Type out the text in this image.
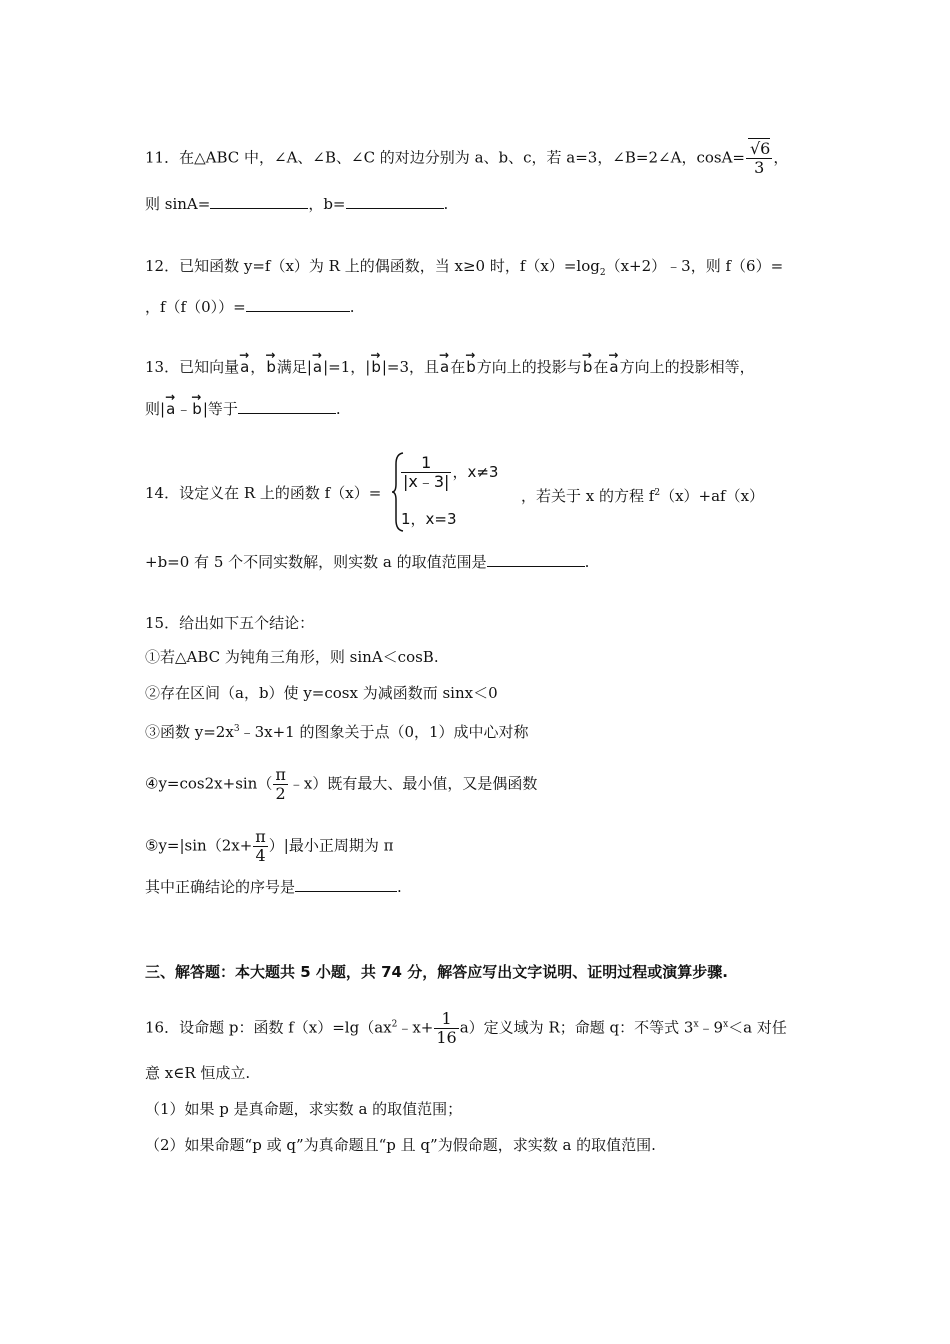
11．在△ABC 中，∠A、∠B、∠C 的对边分别为 a、b、c，若 a=3，∠B=2∠A，$\cos A= \frac{√6}{3}$ ，
则 sinA=	，b=	.
12．已知函数 y=f（x）为 R 上的偶函数，当 x≥0 时，$f(x)=\log_2(x+2)﹣3$，则 f（6）=
，f（f（0））=	.
13．已知向量→ a，→ b满足|→ a|=1，|→ b|=3，且→ a在→ b方向上的投影与→ b在→ a方向上的投影相等，
则|→ a﹣→ b|等于	.
14．设定义在 R 上的函数 f（x）=
$\frac{1}{|x﹣3|}$ ，x≠3
1，x=3
，若关于 x 的方程 $f^2(x)+af(x)$
+b=0 有 5 个不同实数解，则实数 a 的取值范围是	.
15．给出如下五个结论：
①若△ABC 为钝角三角形，则 sinA＜cosB.
②存在区间（a，b）使 y=cosx 为减函数而 sinx＜0
③函数 $y=2x^3﹣3x+1$ 的图象关于点（0，1）成中心对称
④y=cos2x+sin（ $\frac{\pi}{2}$ ﹣x）既有最大、最小值，又是偶函数
⑤y=|sin（2x+ $\frac{\pi}{4}$ ）|最小正周期为 π
其中正确结论的序号是	.
三、解答题：本大题共 5 小题，共 74 分，解答应写出文字说明、证明过程或演算步骤.
16．设命题 p：函数 $f(x)=\lg(ax^2﹣x+ \frac{1}{16} a)$定义域为 R；命题 q：不等式 $3^x﹣9^x<a$ 对任
意 x∈R 恒成立.
（1）如果 p 是真命题，求实数 a 的取值范围；
（2）如果命题“p 或 q”为真命题且“p 且 q”为假命题，求实数 a 的取值范围.
